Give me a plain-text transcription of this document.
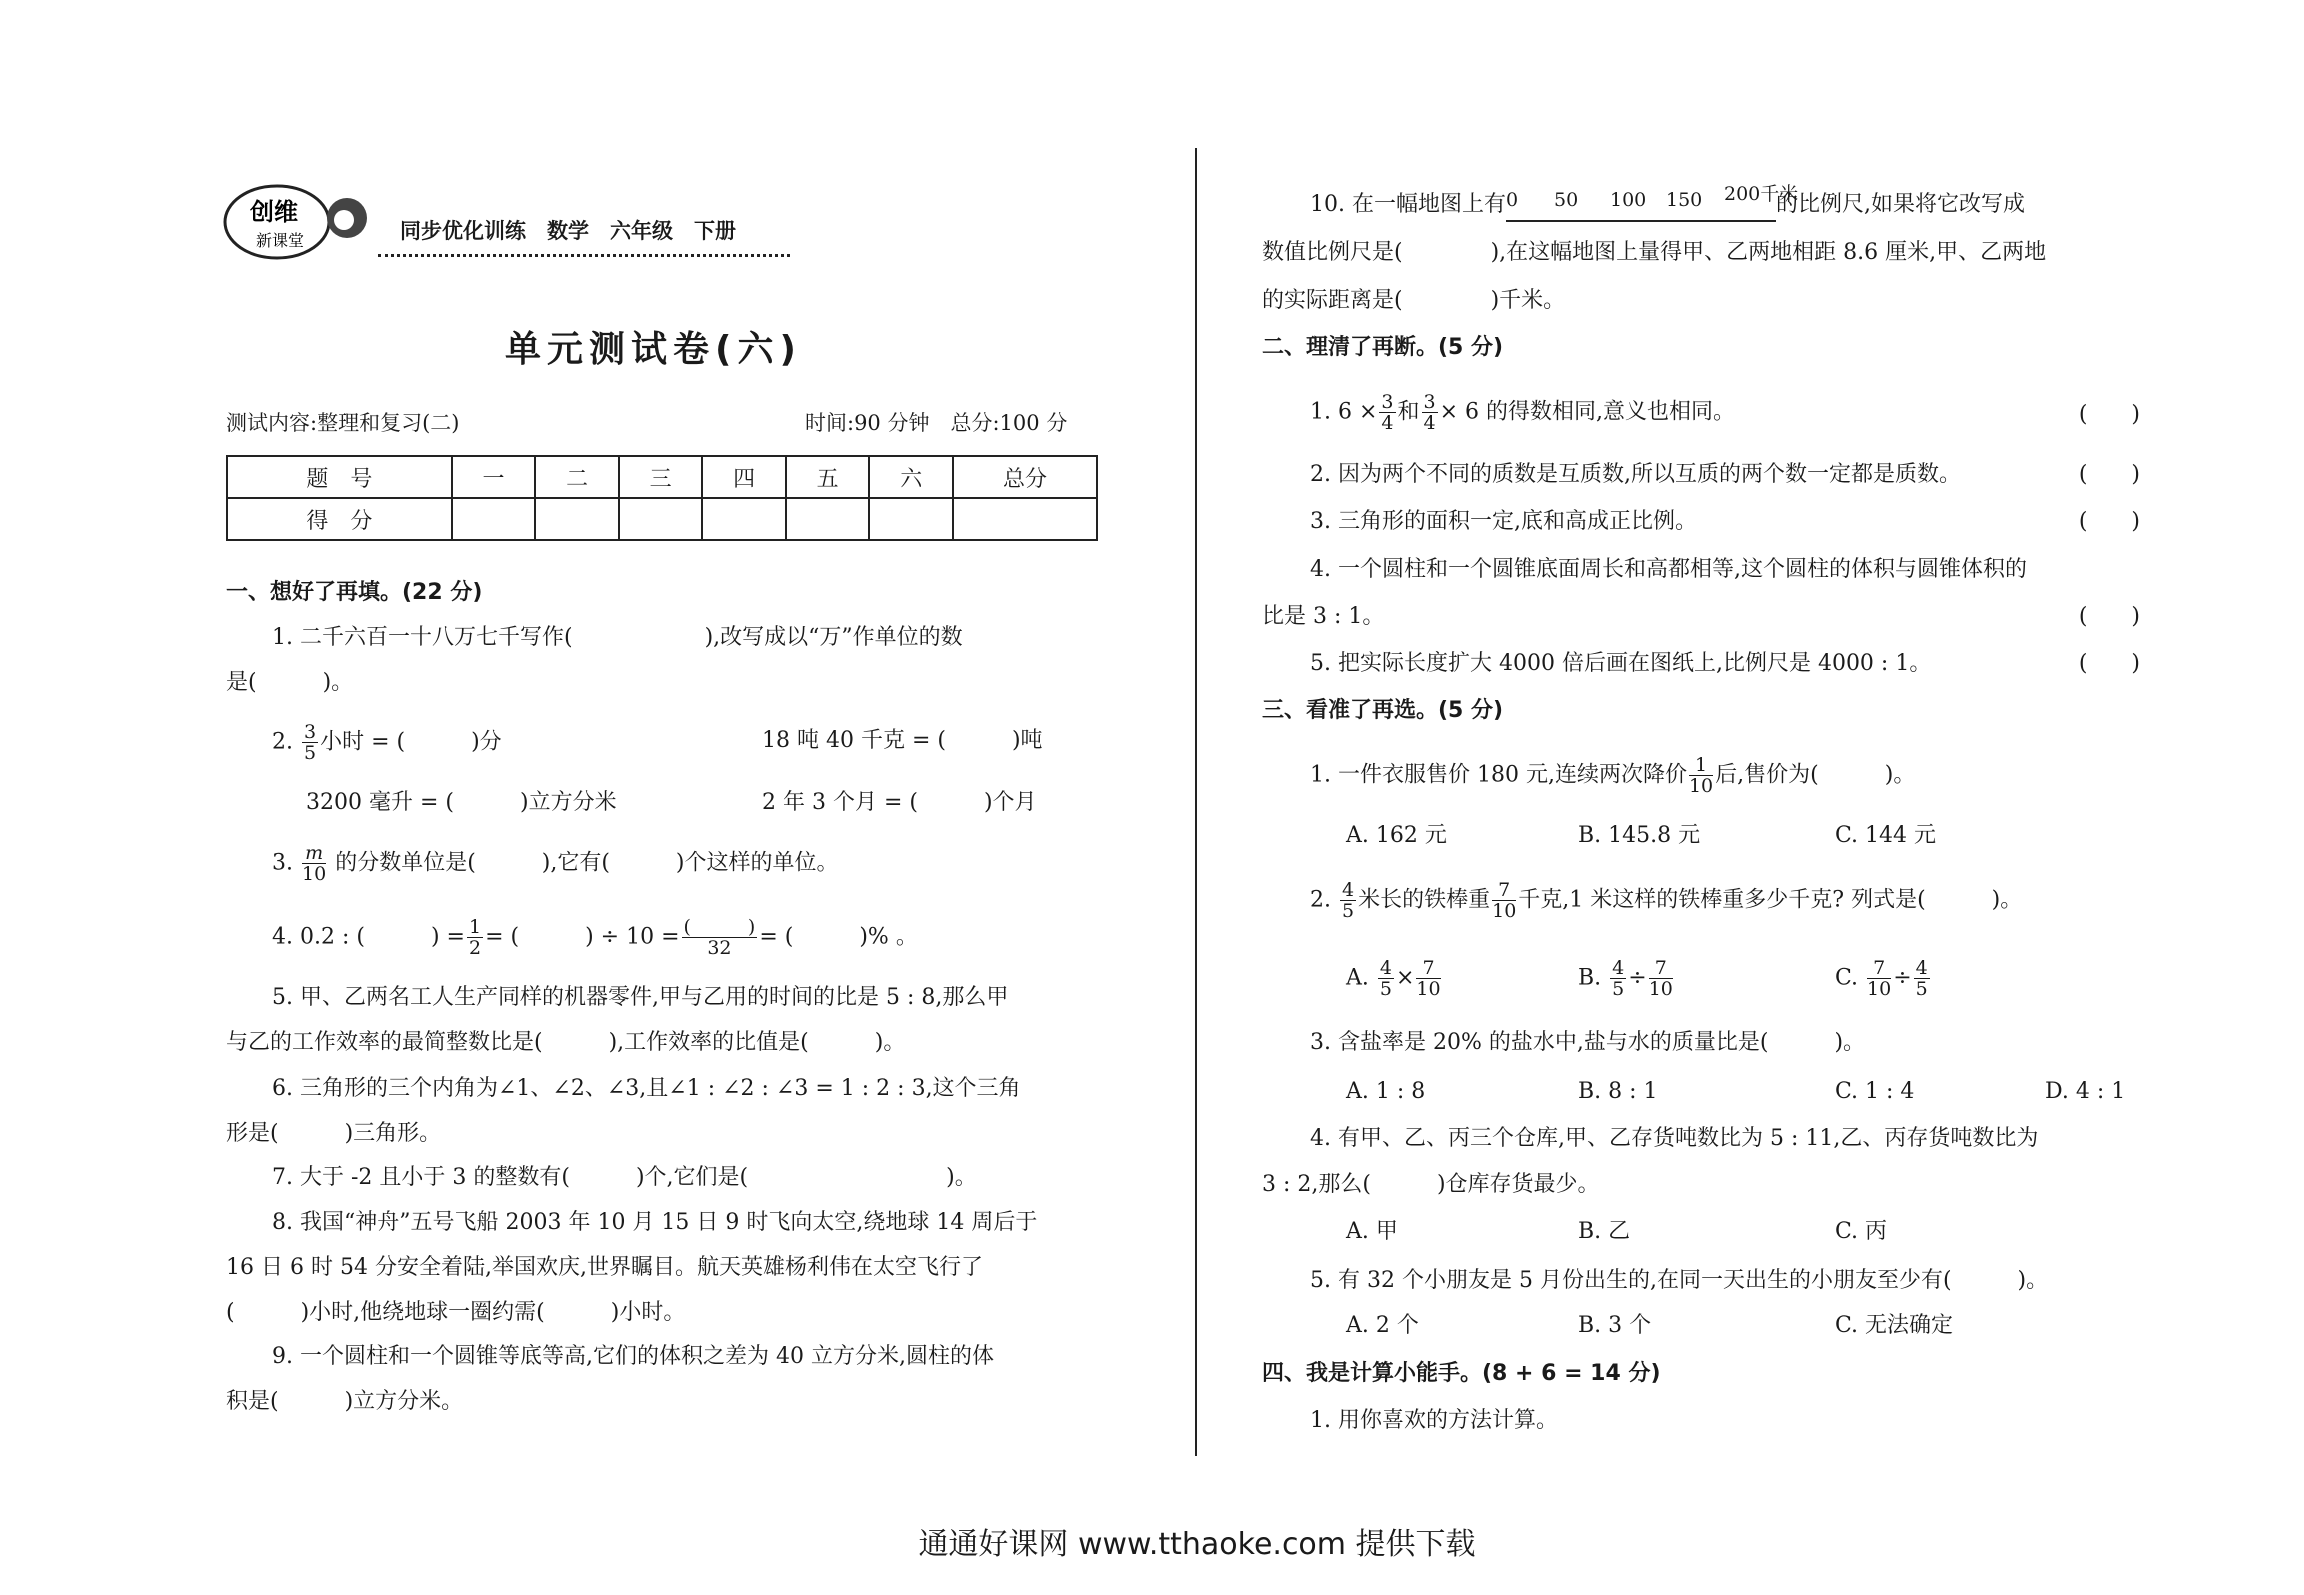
创维
新课堂	同步优化训练　 数学　 六年级　 下册
单元测试卷(六)
测试内容:整理和复习(二)	时间:90 分钟　 总分:100 分
题　号	一	二	三	四	五	六	总分
得　分							
一、想好了再填。(22 分)
1. 二千六百一十八万七千写作(　　　　　　),改写成以“万”作单位的数
是(　　　)。
2. $\frac{3}{5}$ 小时 = (　　　)分	18 吨 40 千克 = (　　　)吨
3200 毫升 = (　　　)立方分米	2 年 3 个月 = (　　　)个月
3. $\frac{m}{10}$ 的分数单位是(　　　),它有(　　　)个这样的单位。
4. 0.2 : (　　　) = $\frac{1}{2}$ = (　　　) ÷ 10 = (　　　)
32	= (　　　)% 。
5. 甲、乙两名工人生产同样的机器零件,甲与乙用的时间的比是 5 : 8,那么甲
与乙的工作效率的最简整数比是(　　　),工作效率的比值是(　　　)。
6. 三角形的三个内角为∠1、∠2、∠3,且∠1 : ∠2 : ∠3 = 1 : 2 : 3,这个三角
形是(　　　)三角形。
7. 大于 -2 且小于 3 的整数有(　　　)个,它们是(　　　　　　　　　)。
8. 我国“神舟”五号飞船 2003 年 10 月 15 日 9 时飞向太空,绕地球 14 周后于
16 日 6 时 54 分安全着陆,举国欢庆,世界瞩目。航天英雄杨利伟在太空飞行了
(　　　)小时,他绕地球一圈约需(　　　)小时。
9. 一个圆柱和一个圆锥等底等高,它们的体积之差为 40 立方分米,圆柱的体
积是(　　　)立方分米。
10. 在一幅地图上有 0 50 100 150 200千米
的比例尺,如果将它改写成
数值比例尺是(　　　　),在这幅地图上量得甲、乙两地相距 8.6 厘米,甲、乙两地
的实际距离是(　　　　)千米。
二、理清了再断。(5 分)
1. $6 \times \frac{3}{4}$ 和 $\frac{3}{4} \times 6$ 的得数相同,意义也相同。	(　　)
2. 因为两个不同的质数是互质数,所以互质的两个数一定都是质数。	(　　)
3. 三角形的面积一定,底和高成正比例。	(　　)
4. 一个圆柱和一个圆锥底面周长和高都相等,这个圆柱的体积与圆锥体积的
比是 3 : 1。	(　　)
5. 把实际长度扩大 4000 倍后画在图纸上,比例尺是 4000 : 1。	(　　)
三、看准了再选。(5 分)
1. 一件衣服售价 180 元,连续两次降价 $\frac{1}{10}$ 后,售价为(　　　)。
A. 162 元	B. 145.8 元	C. 144 元
2. $\frac{4}{5}$ 米长的铁棒重 $\frac{7}{10}$ 千克,1 米这样的铁棒重多少千克? 列式是(　　　)。
A. $\frac{4}{5} \times \frac{7}{10}$	B. $\frac{4}{5} \div \frac{7}{10}$	C. $\frac{7}{10} \div \frac{4}{5}$
3. 含盐率是 20% 的盐水中,盐与水的质量比是(　　　)。
A. 1 : 8	B. 8 : 1	C. 1 : 4	D. 4 : 1
4. 有甲、乙、丙三个仓库,甲、乙存货吨数比为 5 : 11,乙、丙存货吨数比为
3 : 2,那么(　　　)仓库存货最少。
A. 甲	B. 乙	C. 丙
5. 有 32 个小朋友是 5 月份出生的,在同一天出生的小朋友至少有(　　　)。
A. 2 个	B. 3 个	C. 无法确定
四、我是计算小能手。(8 + 6 = 14 分)
1. 用你喜欢的方法计算。
通通好课网 www.tthaoke.com 提供下载
